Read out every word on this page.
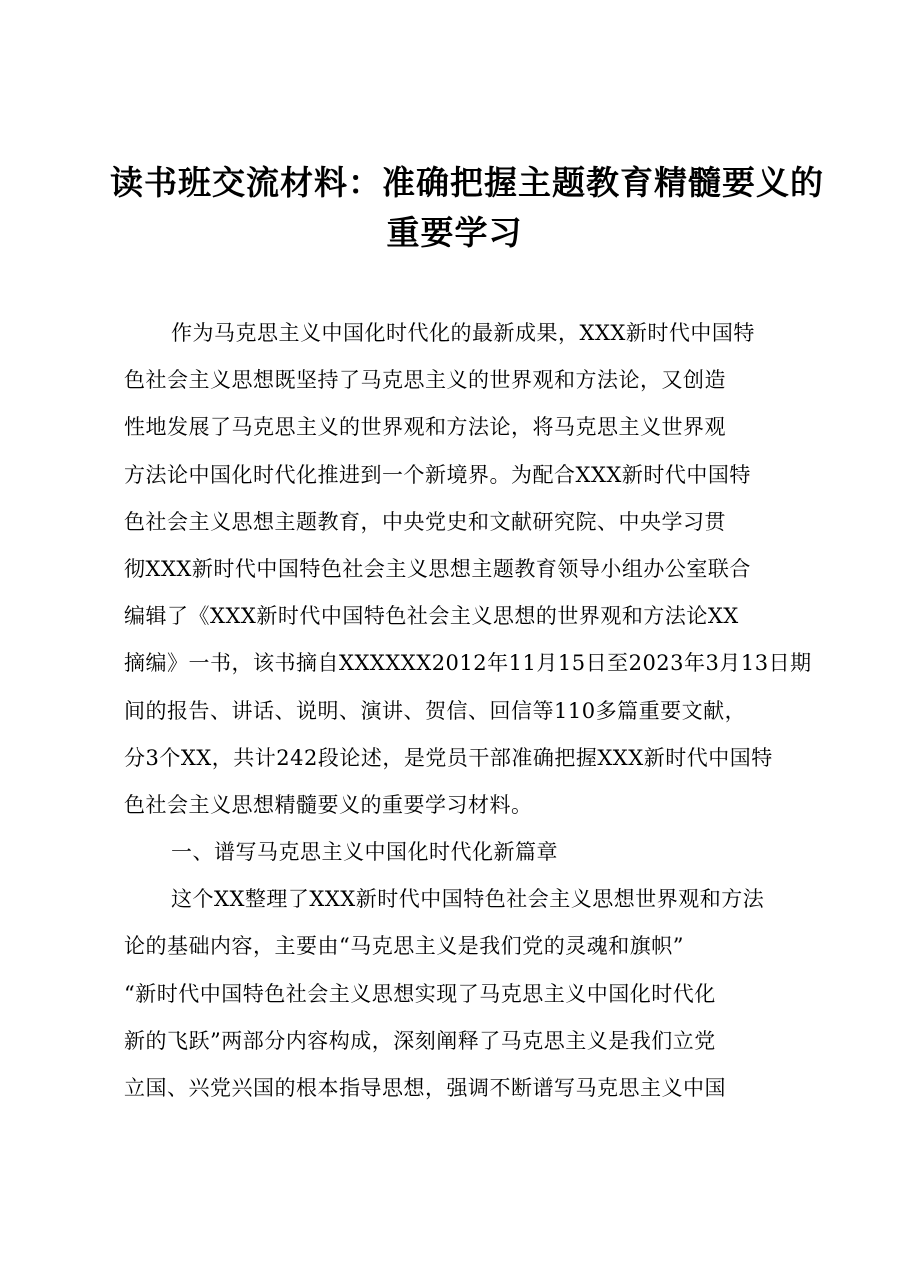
读书班交流材料：准确把握主题教育精髓要义的
重要学习
作为马克思主义中国化时代化的最新成果，XXX新时代中国特
色社会主义思想既坚持了马克思主义的世界观和方法论，又创造
性地发展了马克思主义的世界观和方法论，将马克思主义世界观
方法论中国化时代化推进到一个新境界。为配合XXX新时代中国特
色社会主义思想主题教育，中央党史和文献研究院、中央学习贯
彻XXX新时代中国特色社会主义思想主题教育领导小组办公室联合
编辑了《XXX新时代中国特色社会主义思想的世界观和方法论XX
摘编》一书，该书摘自XXXXXX2012年11月15日至2023年3月13日期
间的报告、讲话、说明、演讲、贺信、回信等110多篇重要文献，
分3个XX，共计242段论述，是党员干部准确把握XXX新时代中国特
色社会主义思想精髓要义的重要学习材料。
一、谱写马克思主义中国化时代化新篇章
这个XX整理了XXX新时代中国特色社会主义思想世界观和方法
论的基础内容，主要由“马克思主义是我们党的灵魂和旗帜”
“新时代中国特色社会主义思想实现了马克思主义中国化时代化
新的飞跃”两部分内容构成，深刻阐释了马克思主义是我们立党
立国、兴党兴国的根本指导思想，强调不断谱写马克思主义中国
